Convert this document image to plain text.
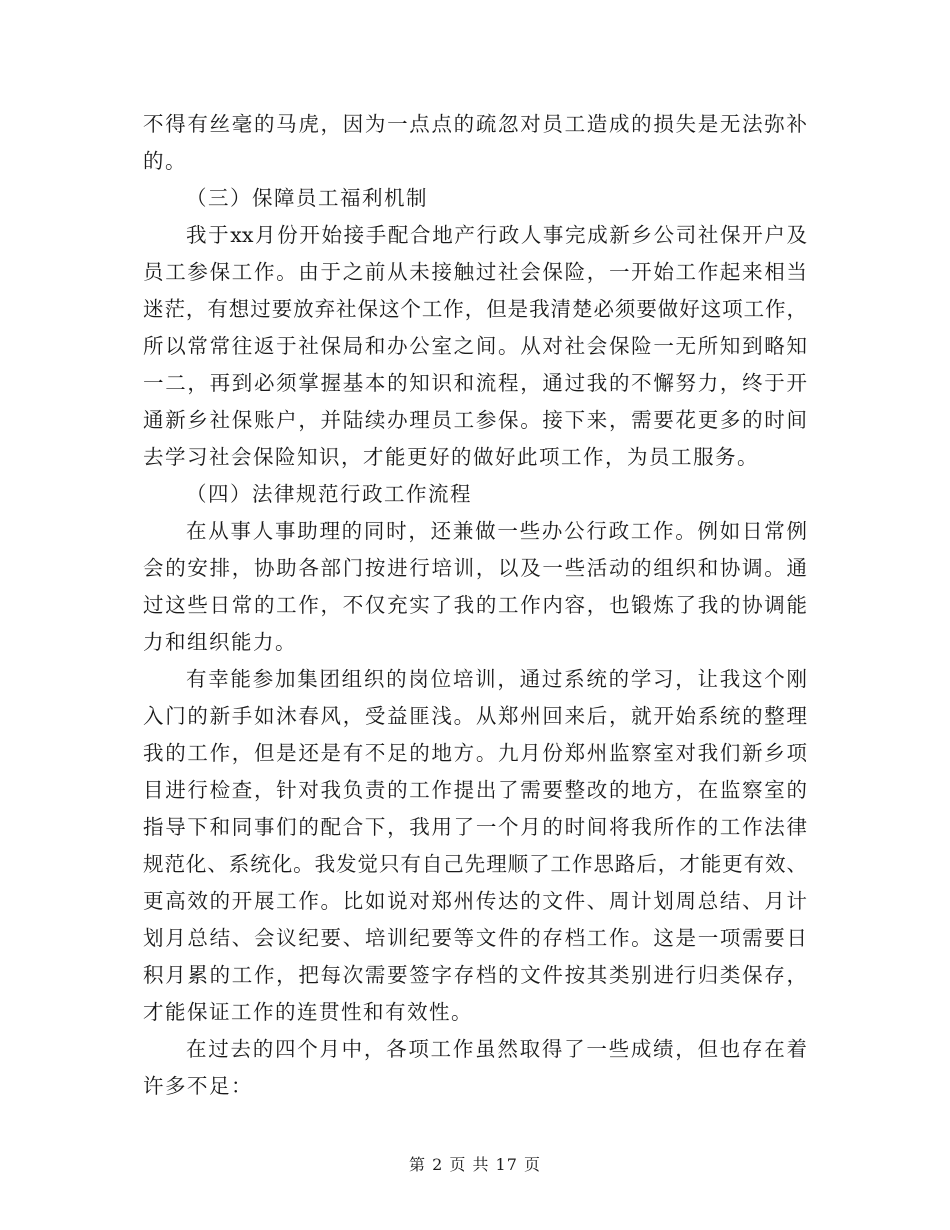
不得有丝毫的马虎，因为一点点的疏忽对员工造成的损失是无法弥补
的。
（三）保障员工福利机制
我于xx月份开始接手配合地产行政人事完成新乡公司社保开户及
员工参保工作。由于之前从未接触过社会保险，一开始工作起来相当
迷茫，有想过要放弃社保这个工作，但是我清楚必须要做好这项工作，
所以常常往返于社保局和办公室之间。从对社会保险一无所知到略知
一二，再到必须掌握基本的知识和流程，通过我的不懈努力，终于开
通新乡社保账户，并陆续办理员工参保。接下来，需要花更多的时间
去学习社会保险知识，才能更好的做好此项工作，为员工服务。
（四）法律规范行政工作流程
在从事人事助理的同时，还兼做一些办公行政工作。例如日常例
会的安排，协助各部门按进行培训，以及一些活动的组织和协调。通
过这些日常的工作，不仅充实了我的工作内容，也锻炼了我的协调能
力和组织能力。
有幸能参加集团组织的岗位培训，通过系统的学习，让我这个刚
入门的新手如沐春风，受益匪浅。从郑州回来后，就开始系统的整理
我的工作，但是还是有不足的地方。九月份郑州监察室对我们新乡项
目进行检查，针对我负责的工作提出了需要整改的地方，在监察室的
指导下和同事们的配合下，我用了一个月的时间将我所作的工作法律
规范化、系统化。我发觉只有自己先理顺了工作思路后，才能更有效、
更高效的开展工作。比如说对郑州传达的文件、周计划周总结、月计
划月总结、会议纪要、培训纪要等文件的存档工作。这是一项需要日
积月累的工作，把每次需要签字存档的文件按其类别进行归类保存，
才能保证工作的连贯性和有效性。
在过去的四个月中，各项工作虽然取得了一些成绩，但也存在着
许多不足：
第 2 页 共 17 页
